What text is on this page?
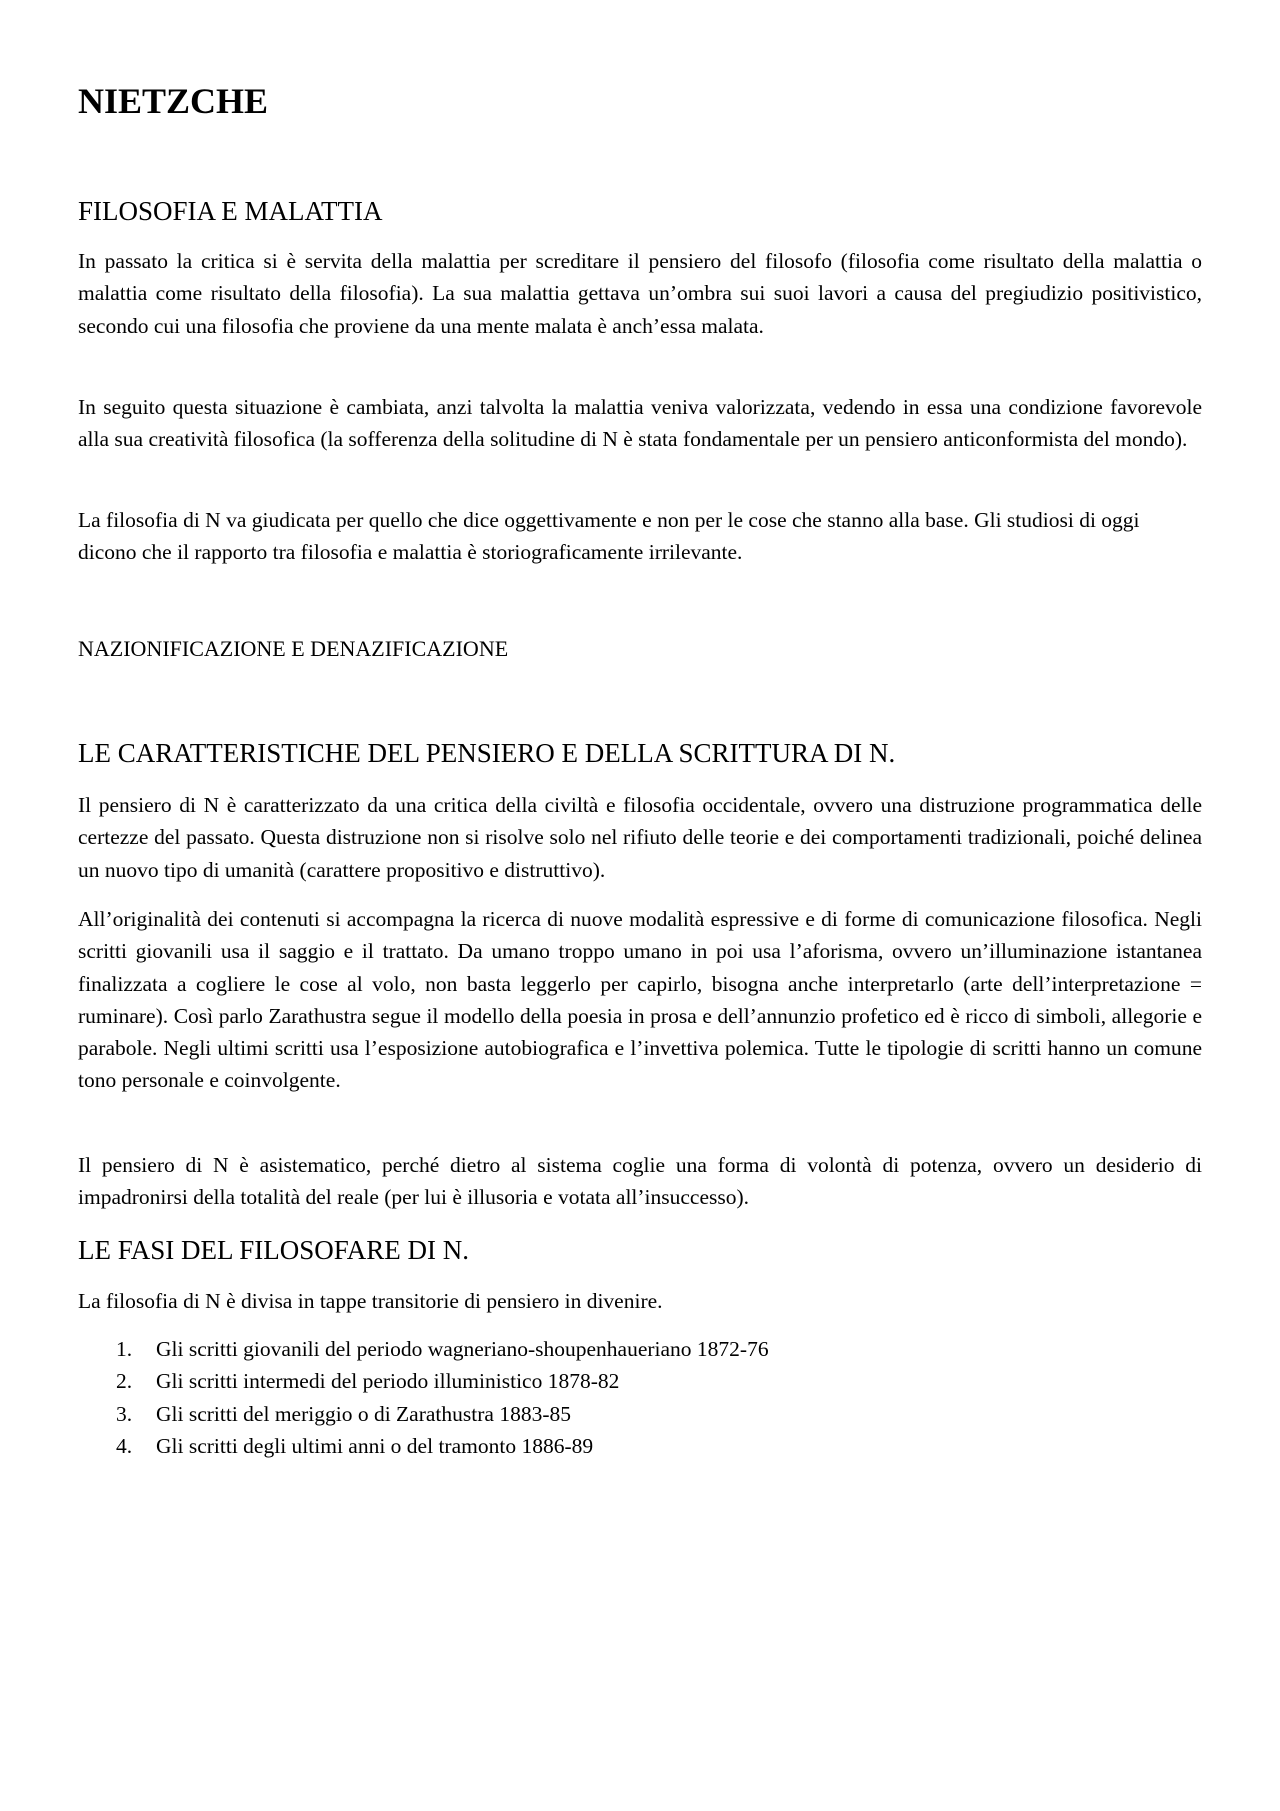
NIETZCHE
FILOSOFIA E MALATTIA

In passato la critica si è servita della malattia per screditare il pensiero del filosofo (filosofia come risultato della malattia o malattia come risultato della filosofia). La sua malattia gettava un’ombra sui suoi lavori a causa del pregiudizio positivistico, secondo cui una filosofia che proviene da una mente malata è anch’essa malata.

In seguito questa situazione è cambiata, anzi talvolta la malattia veniva valorizzata, vedendo in essa una condizione favorevole alla sua creatività filosofica (la sofferenza della solitudine di N è stata fondamentale per un pensiero anticonformista del mondo).

La filosofia di N va giudicata per quello che dice oggettivamente e non per le cose che stanno alla base. Gli studiosi di oggi dicono che il rapporto tra filosofia e malattia è storiograficamente irrilevante.

NAZIONIFICAZIONE E DENAZIFICAZIONE
LE CARATTERISTICHE DEL PENSIERO E DELLA SCRITTURA DI N.

Il pensiero di N è caratterizzato da una critica della civiltà e filosofia occidentale, ovvero una distruzione programmatica delle certezze del passato. Questa distruzione non si risolve solo nel rifiuto delle teorie e dei comportamenti tradizionali, poiché delinea un nuovo tipo di umanità (carattere propositivo e distruttivo).

All’originalità dei contenuti si accompagna la ricerca di nuove modalità espressive e di forme di comunicazione filosofica. Negli scritti giovanili usa il saggio e il trattato. Da umano troppo umano in poi usa l’aforisma, ovvero un’illuminazione istantanea finalizzata a cogliere le cose al volo, non basta leggerlo per capirlo, bisogna anche interpretarlo (arte dell’interpretazione = ruminare). Così parlo Zarathustra segue il modello della poesia in prosa e dell’annunzio profetico ed è ricco di simboli, allegorie e parabole. Negli ultimi scritti usa l’esposizione autobiografica e l’invettiva polemica. Tutte le tipologie di scritti hanno un comune tono personale e coinvolgente.

Il pensiero di N è asistematico, perché dietro al sistema coglie una forma di volontà di potenza, ovvero un desiderio di impadronirsi della totalità del reale (per lui è illusoria e votata all’insuccesso).

LE FASI DEL FILOSOFARE DI N.

La filosofia di N è divisa in tappe transitorie di pensiero in divenire.

1.	Gli scritti giovanili del periodo wagneriano-shoupenhaueriano 1872-76
2.	Gli scritti intermedi del periodo illuministico 1878-82
3.	Gli scritti del meriggio o di Zarathustra 1883-85
4.	Gli scritti degli ultimi anni o del tramonto 1886-89
